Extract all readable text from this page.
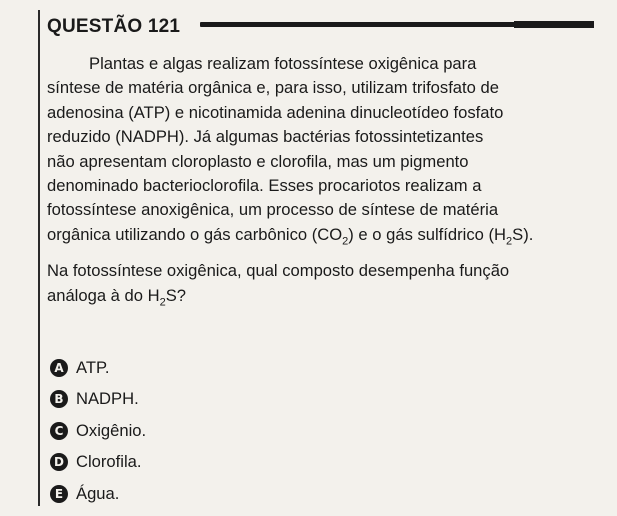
QUESTÃO 121

Plantas e algas realizam fotossíntese oxigênica para

síntese de matéria orgânica e, para isso, utilizam trifosfato de

adenosina (ATP) e nicotinamida adenina dinucleotídeo fosfato

reduzido (NADPH). Já algumas bactérias fotossintetizantes

não apresentam cloroplasto e clorofila, mas um pigmento

denominado bacterioclorofila. Esses procariotos realizam a

fotossíntese anoxigênica, um processo de síntese de matéria

orgânica utilizando o gás carbônico $(CO_2)$ e o gás sulfídrico $(H_2S)$.

Na fotossíntese oxigênica, qual composto desempenha função
análoga à do $H_2S$?
A ATP.
B NADPH.
C Oxigênio.
D Clorofila.
E Água.
